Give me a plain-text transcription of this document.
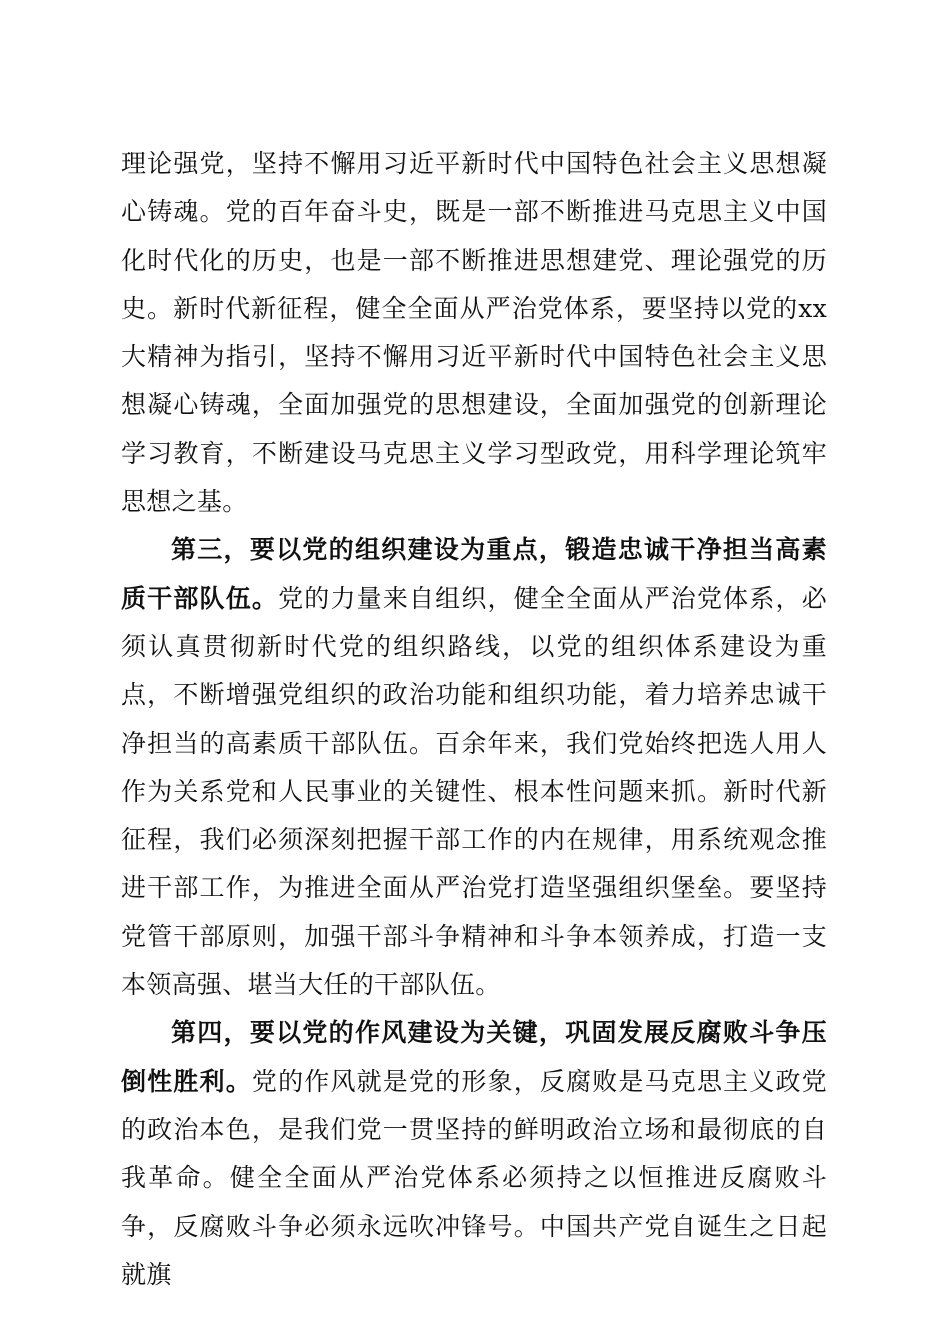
理论强党，坚持不懈用习近平新时代中国特色社会主义思想凝心铸魂。党的百年奋斗史，既是一部不断推进马克思主义中国化时代化的历史，也是一部不断推进思想建党、理论强党的历史。新时代新征程，健全全面从严治党体系，要坚持以党的xx大精神为指引，坚持不懈用习近平新时代中国特色社会主义思想凝心铸魂，全面加强党的思想建设，全面加强党的创新理论学习教育，不断建设马克思主义学习型政党，用科学理论筑牢思想之基。

第三，要以党的组织建设为重点，锻造忠诚干净担当高素质干部队伍。党的力量来自组织，健全全面从严治党体系，必须认真贯彻新时代党的组织路线，以党的组织体系建设为重点，不断增强党组织的政治功能和组织功能，着力培养忠诚干净担当的高素质干部队伍。百余年来，我们党始终把选人用人作为关系党和人民事业的关键性、根本性问题来抓。新时代新征程，我们必须深刻把握干部工作的内在规律，用系统观念推进干部工作，为推进全面从严治党打造坚强组织堡垒。要坚持党管干部原则，加强干部斗争精神和斗争本领养成，打造一支本领高强、堪当大任的干部队伍。

第四，要以党的作风建设为关键，巩固发展反腐败斗争压倒性胜利。党的作风就是党的形象，反腐败是马克思主义政党的政治本色，是我们党一贯坚持的鲜明政治立场和最彻底的自我革命。健全全面从严治党体系必须持之以恒推进反腐败斗争，反腐败斗争必须永远吹冲锋号。中国共产党自诞生之日起就旗
